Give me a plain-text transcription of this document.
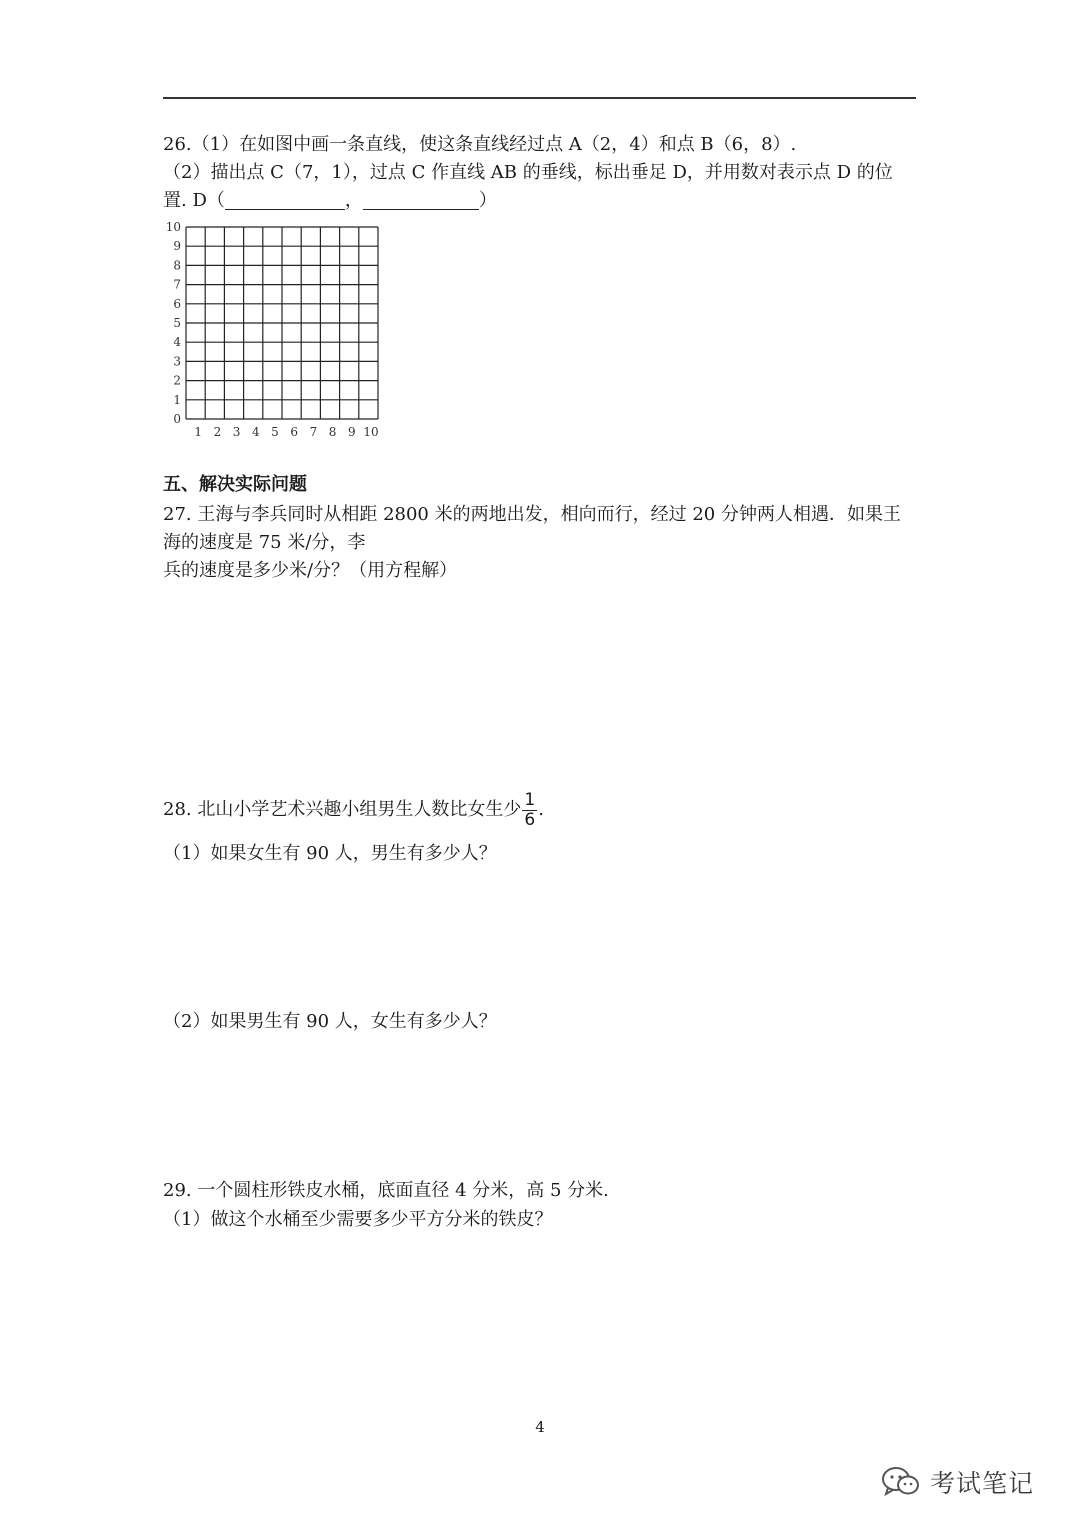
26.（1）在如图中画一条直线，使这条直线经过点 A（2，4）和点 B（6，8）.
（2）描出点 C（7，1），过点 C 作直线 AB 的垂线，标出垂足 D，并用数对表示点 D 的位
置. D（	，	）
10
9
8
7
6
5
4
3
2
1
0
1 2 3 4 5 6 7 8 9 10
五、解决实际问题
27. 王海与李兵同时从相距 2800 米的两地出发，相向而行，经过 20 分钟两人相遇．如果王
海的速度是 75 米/分，李
兵的速度是多少米/分？（用方程解）
28. 北山小学艺术兴趣小组男生人数比女生少 $\frac{1}{6}$ .
（1）如果女生有 90 人，男生有多少人？
（2）如果男生有 90 人，女生有多少人？
29. 一个圆柱形铁皮水桶，底面直径 4 分米，高 5 分米.
（1）做这个水桶至少需要多少平方分米的铁皮？
4
考试笔记
